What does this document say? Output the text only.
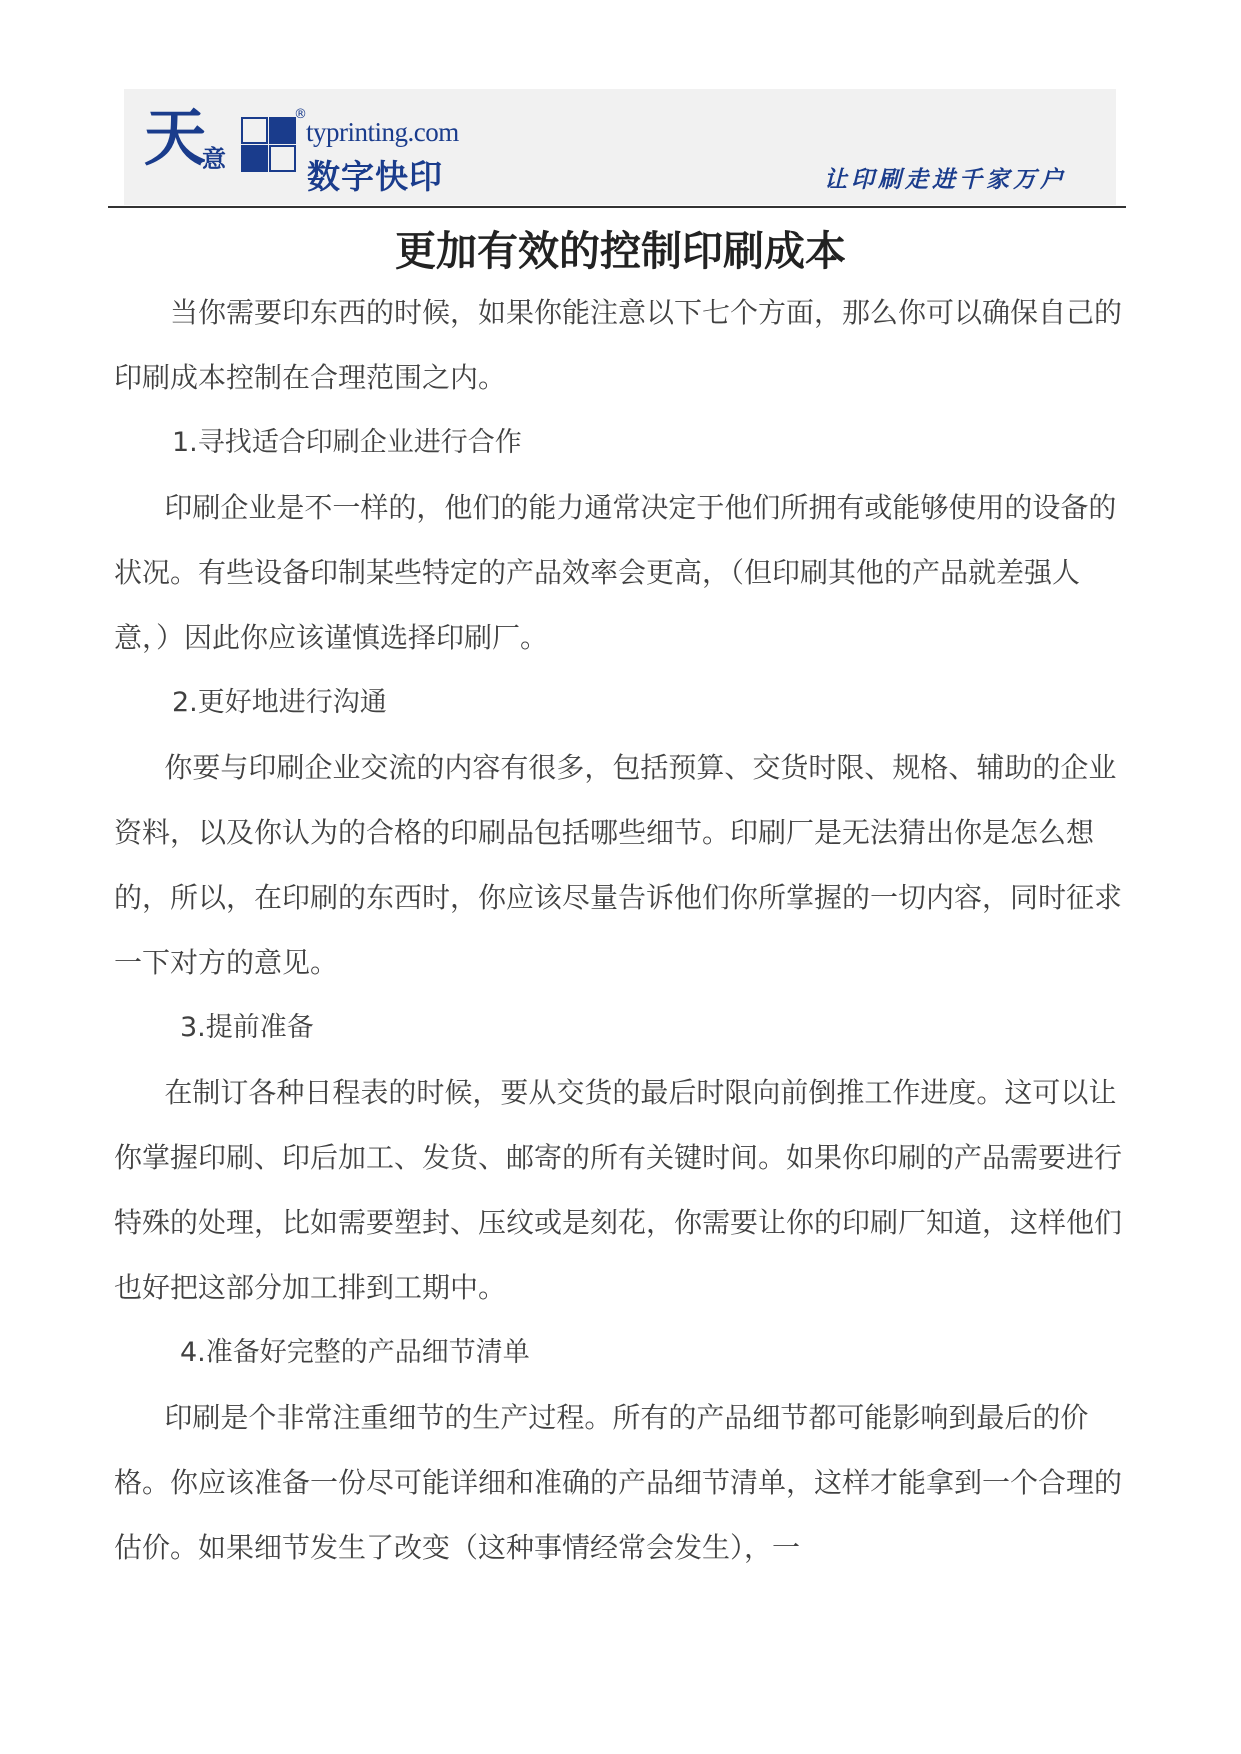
天
意
®
typrinting.com
数字快印	让印刷走进千家万户
更加有效的控制印刷成本

当你需要印东西的时候，如果你能注意以下七个方面，那么你可以确保自己的印刷成本控制在合理范围之内。

1.寻找适合印刷企业进行合作

印刷企业是不一样的，他们的能力通常决定于他们所拥有或能够使用的设备的状况。有些设备印制某些特定的产品效率会更高，（但印刷其他的产品就差强人意，）因此你应该谨慎选择印刷厂。

2.更好地进行沟通

你要与印刷企业交流的内容有很多，包括预算、交货时限、规格、辅助的企业资料，以及你认为的合格的印刷品包括哪些细节。印刷厂是无法猜出你是怎么想的，所以，在印刷的东西时，你应该尽量告诉他们你所掌握的一切内容，同时征求一下对方的意见。

3.提前准备

在制订各种日程表的时候，要从交货的最后时限向前倒推工作进度。这可以让你掌握印刷、印后加工、发货、邮寄的所有关键时间。如果你印刷的产品需要进行特殊的处理，比如需要塑封、压纹或是刻花，你需要让你的印刷厂知道，这样他们也好把这部分加工排到工期中。

4.准备好完整的产品细节清单

印刷是个非常注重细节的生产过程。所有的产品细节都可能影响到最后的价格。你应该准备一份尽可能详细和准确的产品细节清单，这样才能拿到一个合理的估价。如果细节发生了改变（这种事情经常会发生），一
